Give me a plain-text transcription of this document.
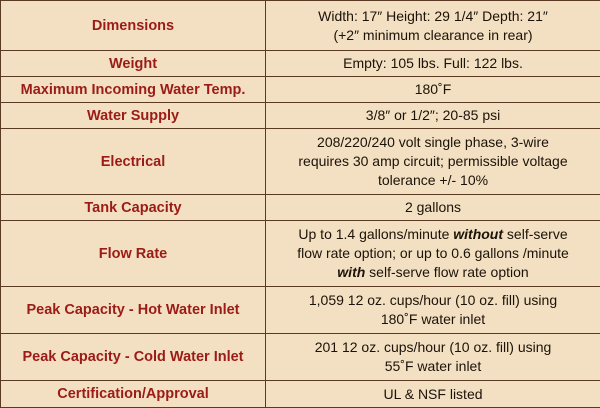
Dimensions	Width: 17″ Height: 29 1/4″ Depth: 21″
(+2″ minimum clearance in rear)

Weight	Empty: 105 lbs. Full: 122 lbs.

Maximum Incoming Water Temp.	180˚F

Water Supply	3/8″ or 1/2″; 20-85 psi

Electrical	208/220/240 volt single phase, 3-wire
requires 30 amp circuit; permissible voltage
tolerance +/- 10%

Tank Capacity	2 gallons

Flow Rate	Up to 1.4 gallons/minute without self-serve
flow rate option; or up to 0.6 gallons /minute
with self-serve flow rate option

Peak Capacity - Hot Water Inlet	1,059 12 oz. cups/hour (10 oz. fill) using
180˚F water inlet

Peak Capacity - Cold Water Inlet	201 12 oz. cups/hour (10 oz. fill) using
55˚F water inlet

Certification/Approval	UL & NSF listed
